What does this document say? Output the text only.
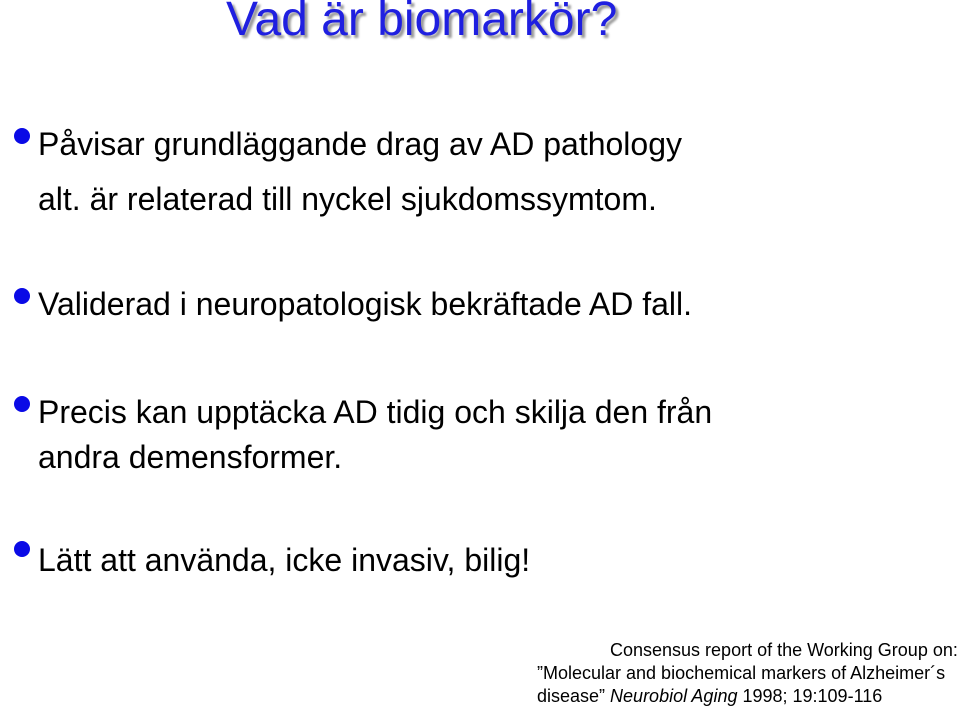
Vad är biomarkör?

Påvisar grundläggande drag av AD pathology

alt. är relaterad till nyckel sjukdomssymtom.

Validerad i neuropatologisk bekräftade AD fall.

Precis kan upptäcka AD tidig och skilja den från

andra demensformer.

Lätt att använda, icke invasiv, bilig!

Consensus report of the Working Group on:
”Molecular and biochemical markers of Alzheimer´s
disease” Neurobiol Aging 1998; 19:109-116
